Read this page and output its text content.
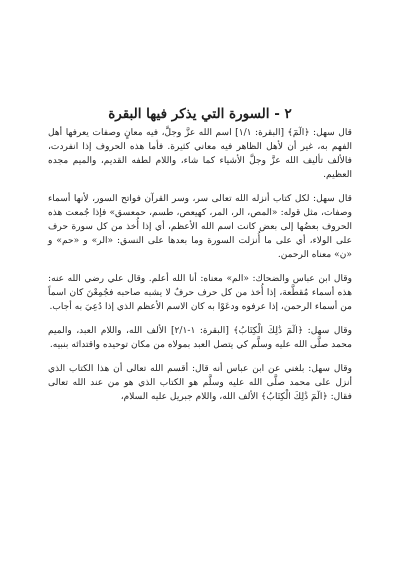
٢ - السورة التي يذكر فيها البقرة

قال سهل: ﴿الٓمٓ﴾ [البقرة: ١/١] اسم الله عزَّ وجلَّ، فيه معانٍ وصفات يعرفها أهل الفهم به، غير أن لأهل الظاهر فيه معاني كثيرة. فأما هذه الحروف إذا انفردت، فالألف تأليف الله عزَّ وجلَّ الأشياء كما شاء، واللام لطفه القديم، والميم مجده العظيم.

قال سهل: لكل كتاب أنزله الله تعالى سر، وسر القرآن فواتح السور، لأنها أسماء وصفات، مثل قوله: «المص، الر، المر، كهيعص، طسم، حمعسق» فإذا جُمعت هذه الحروف بعضُها إلى بعض كانت اسم الله الأعظم، أي إذا أُخذ من كل سورة حرف على الولاء، أي على ما أُنزلت السورة وما بعدها على النسق: «الر» و «حم» و «ن» معناه الرحمن.

وقال ابن عباس والضحاك: «الم» معناه: أنا الله أعلم. وقال علي رضي الله عنه: هذه أسماء مُقطَّعة، إذا أُخذ من كل حرف حرفٌ لا يشبه صاحبه فجُمِعْنَ كان اسماً من أسماء الرحمن، إذا عرفوه ودعَوْا به كان الاسم الأعظم الذي إذا دُعِيَ به أجاب.

وقال سهل: ﴿الٓمٓ ذَٰلِكَ الْكِتَابُ﴾ [البقرة: ١-٢/١] الألف الله، واللام العبد، والميم محمد صلَّى الله عليه وسلَّم كي يتصل العبد بمولاه من مكان توحيده واقتدائه بنبيه.

وقال سهل: بلغني عن ابن عباس أنه قال: أقسم الله تعالى أن هذا الكتاب الذي أنزل على محمد صلَّى الله عليه وسلَّم هو الكتاب الذي هو من عند الله تعالى فقال: ﴿الٓمٓ ذَٰلِكَ الْكِتَابُ﴾ الألف الله، واللام جبريل عليه السلام،
